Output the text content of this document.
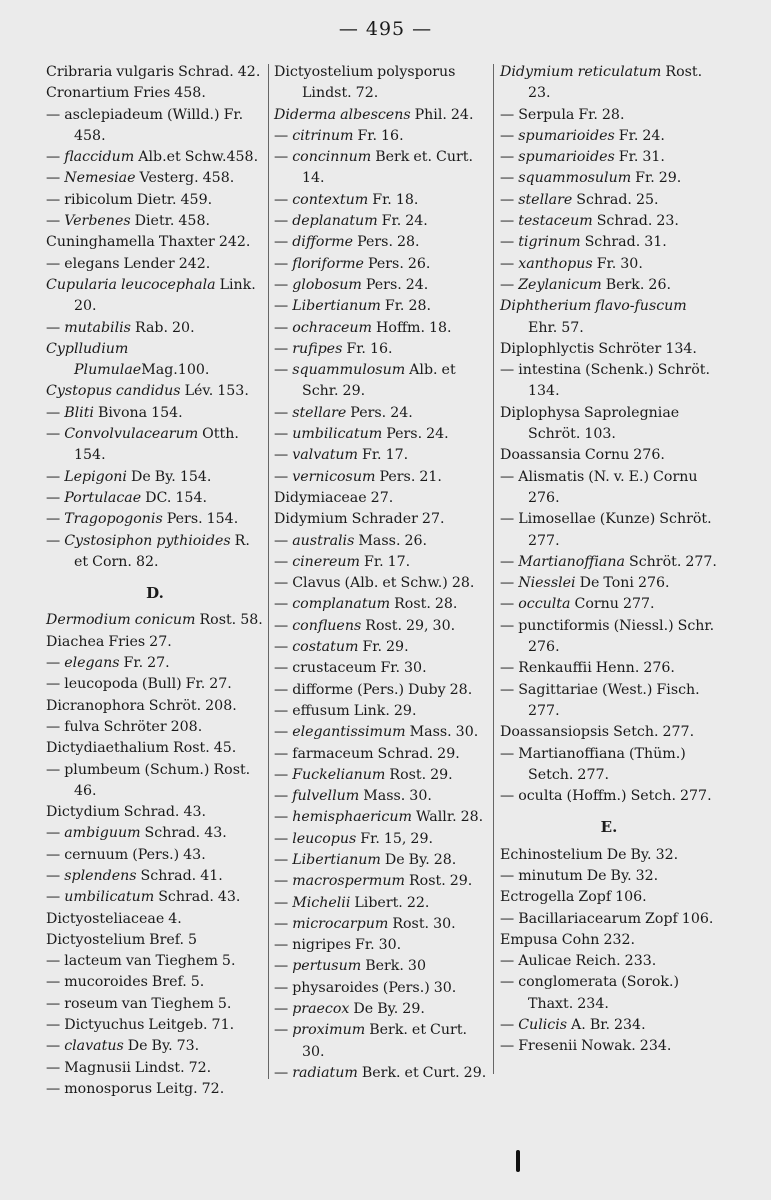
— 495 —
Cribraria vulgaris Schrad. 42.
Cronartium Fries 458.
— asclepiadeum (Willd.) Fr. 458.
— flaccidum Alb.et Schw.458.
— Nemesiae Vesterg. 458.
— ribicolum Dietr. 459.
— Verbenes Dietr. 458.
Cuninghamella Thaxter 242.
— elegans Lender 242.
Cupularia leucocephala Link. 20.
— mutabilis Rab. 20.
Cyplludium PlumulaeMag.100.
Cystopus candidus Lév. 153.
— Bliti Bivona 154.
— Convolvulacearum Otth. 154.
— Lepigoni De By. 154.
— Portulacae DC. 154.
— Tragopogonis Pers. 154.
— Cystosiphon pythioides R. et Corn. 82.
D.
Dermodium conicum Rost. 58.
Diachea Fries 27.
— elegans Fr. 27.
— leucopoda (Bull) Fr. 27.
Dicranophora Schröt. 208.
— fulva Schröter 208.
Dictydiaethalium Rost. 45.
— plumbeum (Schum.) Rost. 46.
Dictydium Schrad. 43.
— ambiguum Schrad. 43.
— cernuum (Pers.) 43.
— splendens Schrad. 41.
— umbilicatum Schrad. 43.
Dictyosteliaceae 4.
Dictyostelium Bref. 5
— lacteum van Tieghem 5.
— mucoroides Bref. 5.
— roseum van Tieghem 5.
— Dictyuchus Leitgeb. 71.
— clavatus De By. 73.
— Magnusii Lindst. 72.
— monosporus Leitg. 72.
Dictyostelium polysporus Lindst. 72.
Diderma albescens Phil. 24.
— citrinum Fr. 16.
— concinnum Berk et. Curt. 14.
— contextum Fr. 18.
— deplanatum Fr. 24.
— difforme Pers. 28.
— floriforme Pers. 26.
— globosum Pers. 24.
— Libertianum Fr. 28.
— ochraceum Hoffm. 18.
— rufipes Fr. 16.
— squammulosum Alb. et Schr. 29.
— stellare Pers. 24.
— umbilicatum Pers. 24.
— valvatum Fr. 17.
— vernicosum Pers. 21.
Didymiaceae 27.
Didymium Schrader 27.
— australis Mass. 26.
— cinereum Fr. 17.
— Clavus (Alb. et Schw.) 28.
— complanatum Rost. 28.
— confluens Rost. 29, 30.
— costatum Fr. 29.
— crustaceum Fr. 30.
— difforme (Pers.) Duby 28.
— effusum Link. 29.
— elegantissimum Mass. 30.
— farmaceum Schrad. 29.
— Fuckelianum Rost. 29.
— fulvellum Mass. 30.
— hemisphaericum Wallr. 28.
— leucopus Fr. 15, 29.
— Libertianum De By. 28.
— macrospermum Rost. 29.
— Michelii Libert. 22.
— microcarpum Rost. 30.
— nigripes Fr. 30.
— pertusum Berk. 30
— physaroides (Pers.) 30.
— praecox De By. 29.
— proximum Berk. et Curt. 30.
— radiatum Berk. et Curt. 29.
Didymium reticulatum Rost. 23.
— Serpula Fr. 28.
— spumarioides Fr. 24.
— spumarioides Fr. 31.
— squammosulum Fr. 29.
— stellare Schrad. 25.
— testaceum Schrad. 23.
— tigrinum Schrad. 31.
— xanthopus Fr. 30.
— Zeylanicum Berk. 26.
Diphtherium flavo-fuscum Ehr. 57.
Diplophlyctis Schröter 134.
— intestina (Schenk.) Schröt. 134.
Diplophysa Saprolegniae Schröt. 103.
Doassansia Cornu 276.
— Alismatis (N. v. E.) Cornu 276.
— Limosellae (Kunze) Schröt. 277.
— Martianoffiana Schröt. 277.
— Niesslei De Toni 276.
— occulta Cornu 277.
— punctiformis (Niessl.) Schr. 276.
— Renkauffii Henn. 276.
— Sagittariae (West.) Fisch. 277.
Doassansiopsis Setch. 277.
— Martianoffiana (Thüm.) Setch. 277.
— oculta (Hoffm.) Setch. 277.
E.
Echinostelium De By. 32.
— minutum De By. 32.
Ectrogella Zopf 106.
— Bacillariacearum Zopf 106.
Empusa Cohn 232.
— Aulicae Reich. 233.
— conglomerata (Sorok.) Thaxt. 234.
— Culicis A. Br. 234.
— Fresenii Nowak. 234.
